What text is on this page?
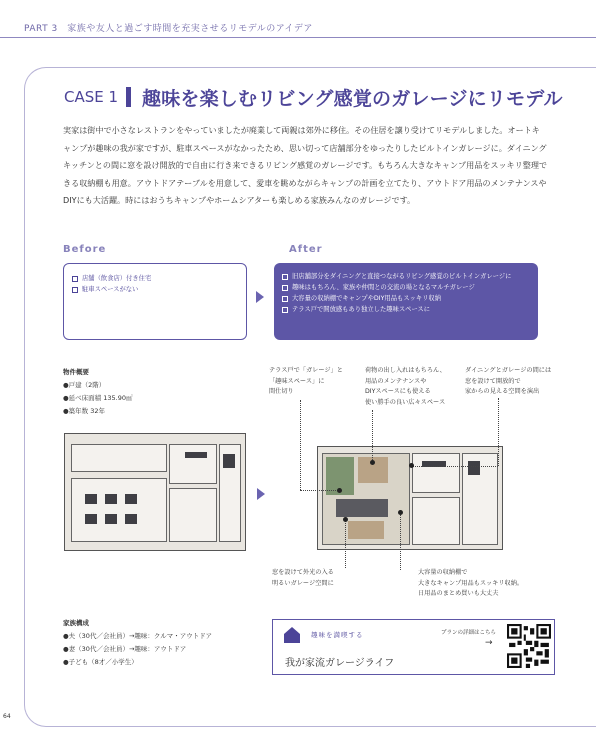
PART 3　家族や友人と過ごす時間を充実させるリモデルのアイデア
CASE 1 趣味を楽しむリビング感覚のガレージにリモデル

実家は街中で小さなレストランをやっていましたが廃業して両親は郊外に移住。その住居を譲り受けてリモデルしました。オートキャンプが趣味の我が家ですが、駐車スペースがなかったため、思い切って店舗部分をゆったりしたビルトインガレージに。ダイニングキッチンとの間に窓を設け開放的で自由に行き来できるリビング感覚のガレージです。もちろん大きなキャンプ用品をスッキリ整理できる収納棚も用意。アウトドアテーブルを用意して、愛車を眺めながらキャンプの計画を立てたり、アウトドア用品のメンテナンスやDIYにも大活躍。時にはおうちキャンプやホームシアターも楽しめる家族みんなのガレージです。

Before	After
店舗（飲食店）付き住宅
駐車スペースがない
旧店舗部分をダイニングと直接つながるリビング感覚のビルトインガレージに
趣味はもちろん、家族や仲間との交流の場となるマルチガレージ
大容量の収納棚でキャンプやDIY用品もスッキリ収納
テラス戸で開放感もあり独立した趣味スペースに
物件概要
●戸建（2階）
●延べ床面積 135.90㎡
●築年数 32年
テラス戸で「ガレージ」と
「趣味スペース」に
間仕切り
荷物の出し入れはもちろん、
用品のメンテナンスや
DIYスペースにも使える
使い勝手の良い広々スペース
ダイニングとガレージの間には
窓を設けて開放的で
家からの見える空間を演出
窓を設けて外光の入る
明るいガレージ空間に
大容量の収納棚で
大きなキャンプ用品もスッキリ収納。
日用品のまとめ買いも大丈夫
家族構成
●夫（30代／会社員）→趣味：クルマ・アウトドア
●妻（30代／会社員）→趣味：アウトドア
●子ども（8才／小学生）
趣味を満喫する
我が家流ガレージライフ
プランの詳細はこちら
→
64
